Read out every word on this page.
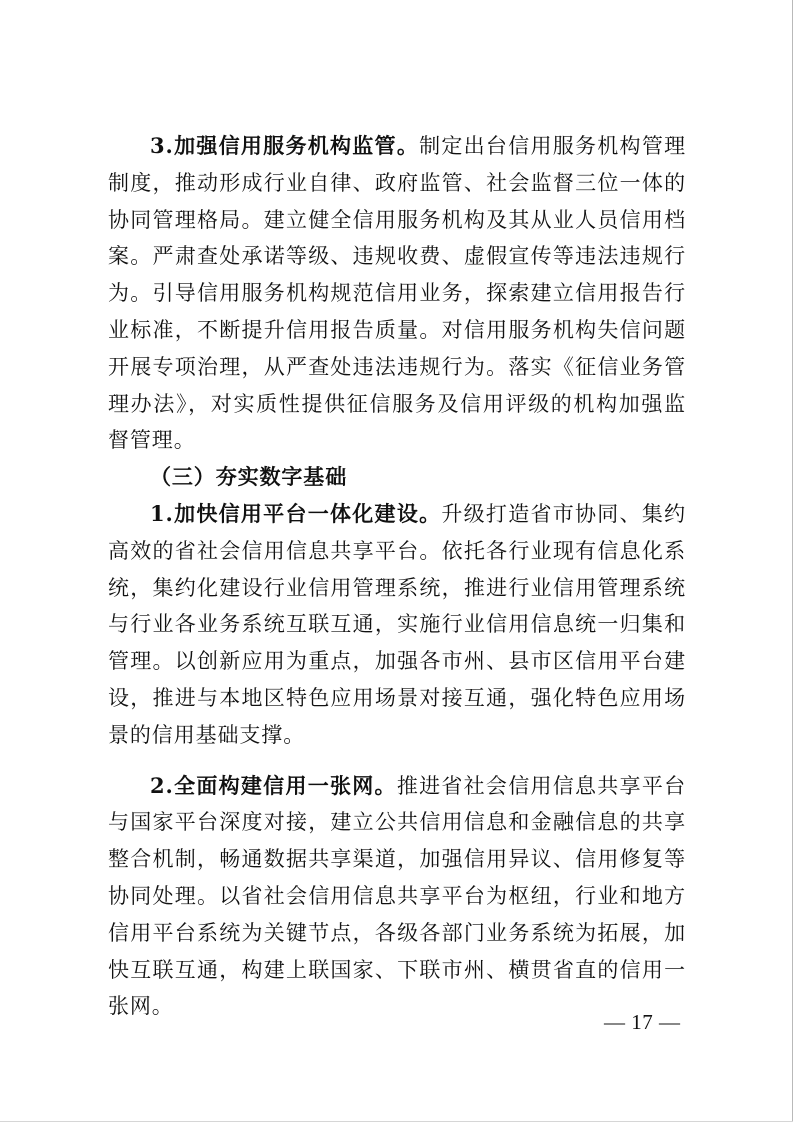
3.加强信用服务机构监管。制定出台信用服务机构管理制度，推动形成行业自律、政府监管、社会监督三位一体的协同管理格局。建立健全信用服务机构及其从业人员信用档案。严肃查处承诺等级、违规收费、虚假宣传等违法违规行为。引导信用服务机构规范信用业务，探索建立信用报告行业标准，不断提升信用报告质量。对信用服务机构失信问题开展专项治理，从严查处违法违规行为。落实《征信业务管理办法》，对实质性提供征信服务及信用评级的机构加强监督管理。

（三）夯实数字基础

1.加快信用平台一体化建设。升级打造省市协同、集约高效的省社会信用信息共享平台。依托各行业现有信息化系统，集约化建设行业信用管理系统，推进行业信用管理系统与行业各业务系统互联互通，实施行业信用信息统一归集和管理。以创新应用为重点，加强各市州、县市区信用平台建设，推进与本地区特色应用场景对接互通，强化特色应用场景的信用基础支撑。

2.全面构建信用一张网。推进省社会信用信息共享平台与国家平台深度对接，建立公共信用信息和金融信息的共享整合机制，畅通数据共享渠道，加强信用异议、信用修复等协同处理。以省社会信用信息共享平台为枢纽，行业和地方信用平台系统为关键节点，各级各部门业务系统为拓展，加快互联互通，构建上联国家、下联市州、横贯省直的信用一张网。

— 17 —
